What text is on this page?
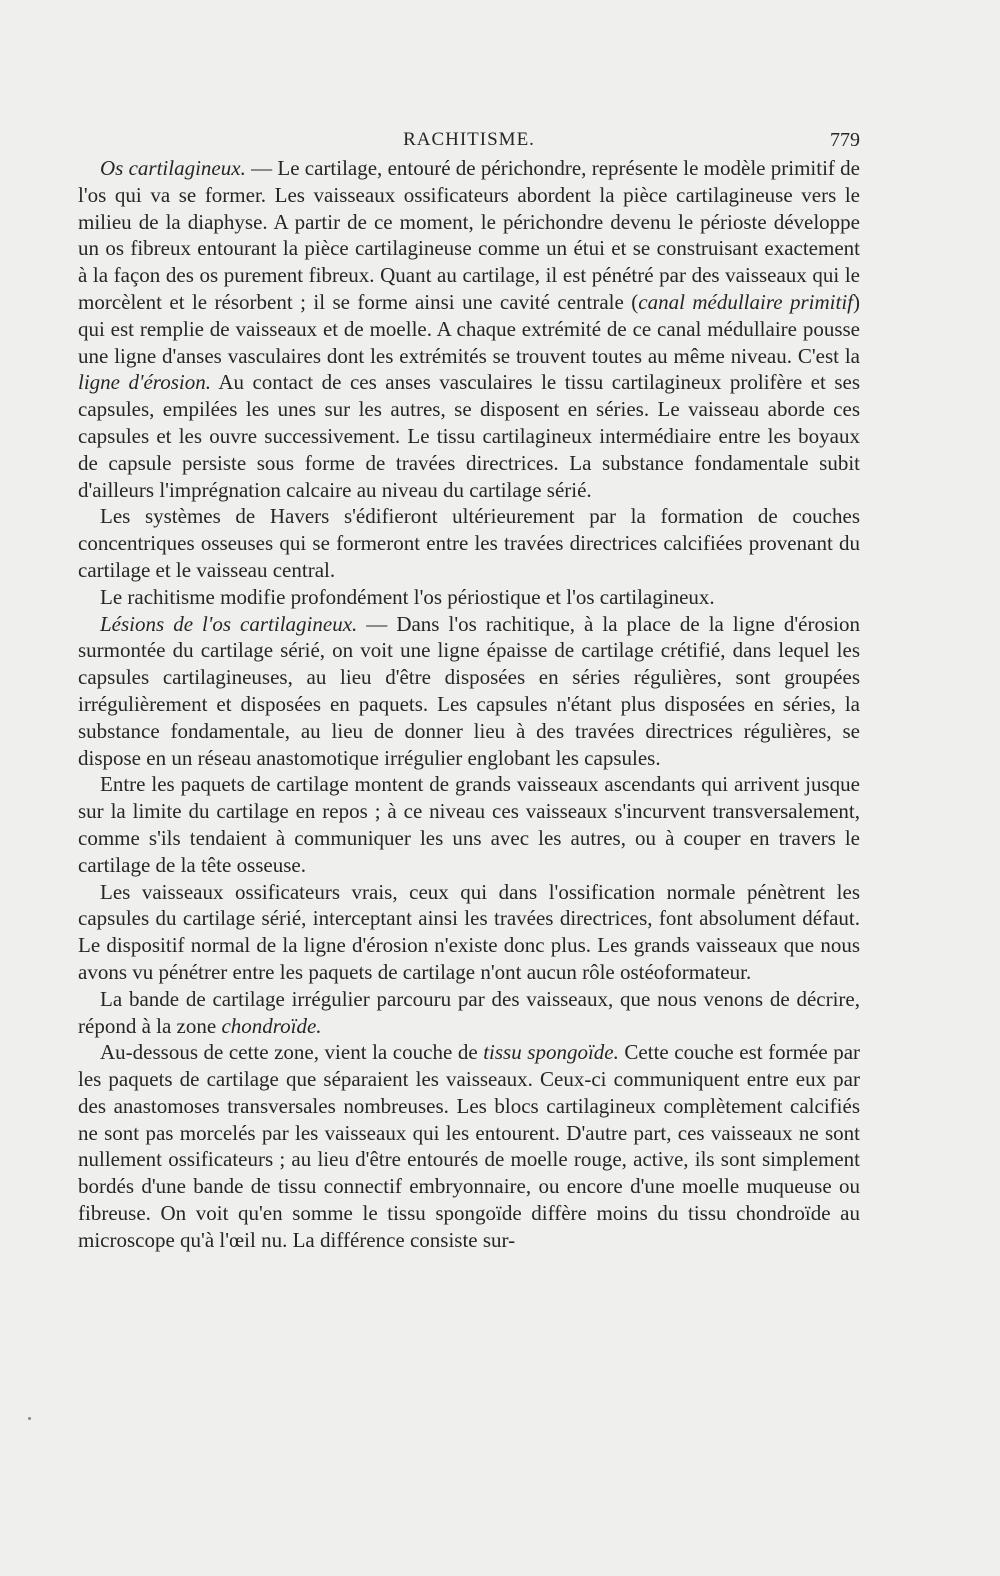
RACHITISME.	779

Os cartilagineux. — Le cartilage, entouré de périchondre, représente le modèle primitif de l'os qui va se former. Les vaisseaux ossificateurs abordent la pièce cartilagineuse vers le milieu de la diaphyse. A partir de ce moment, le périchondre devenu le périoste développe un os fibreux entourant la pièce cartilagineuse comme un étui et se construisant exactement à la façon des os purement fibreux. Quant au cartilage, il est pénétré par des vaisseaux qui le morcèlent et le résorbent ; il se forme ainsi une cavité centrale (canal médullaire primitif) qui est remplie de vaisseaux et de moelle. A chaque extrémité de ce canal médullaire pousse une ligne d'anses vasculaires dont les extrémités se trouvent toutes au même niveau. C'est la ligne d'érosion. Au contact de ces anses vasculaires le tissu cartilagineux prolifère et ses capsules, empilées les unes sur les autres, se disposent en séries. Le vaisseau aborde ces capsules et les ouvre successivement. Le tissu cartilagineux intermédiaire entre les boyaux de capsule persiste sous forme de travées directrices. La substance fondamentale subit d'ailleurs l'imprégnation calcaire au niveau du cartilage sérié.

Les systèmes de Havers s'édifieront ultérieurement par la formation de couches concentriques osseuses qui se formeront entre les travées directrices calcifiées provenant du cartilage et le vaisseau central.

Le rachitisme modifie profondément l'os périostique et l'os cartilagineux.

Lésions de l'os cartilagineux. — Dans l'os rachitique, à la place de la ligne d'érosion surmontée du cartilage sérié, on voit une ligne épaisse de cartilage crétifié, dans lequel les capsules cartilagineuses, au lieu d'être disposées en séries régulières, sont groupées irrégulièrement et disposées en paquets. Les capsules n'étant plus disposées en séries, la substance fondamentale, au lieu de donner lieu à des travées directrices régulières, se dispose en un réseau anastomotique irrégulier englobant les capsules.

Entre les paquets de cartilage montent de grands vaisseaux ascendants qui arrivent jusque sur la limite du cartilage en repos ; à ce niveau ces vaisseaux s'incurvent transversalement, comme s'ils tendaient à communiquer les uns avec les autres, ou à couper en travers le cartilage de la tête osseuse.

Les vaisseaux ossificateurs vrais, ceux qui dans l'ossification normale pénètrent les capsules du cartilage sérié, interceptant ainsi les travées directrices, font absolument défaut. Le dispositif normal de la ligne d'érosion n'existe donc plus. Les grands vaisseaux que nous avons vu pénétrer entre les paquets de cartilage n'ont aucun rôle ostéoformateur.

La bande de cartilage irrégulier parcouru par des vaisseaux, que nous venons de décrire, répond à la zone chondroïde.

Au-dessous de cette zone, vient la couche de tissu spongoïde. Cette couche est formée par les paquets de cartilage que séparaient les vaisseaux. Ceux-ci communiquent entre eux par des anastomoses transversales nombreuses. Les blocs cartilagineux complètement calcifiés ne sont pas morcelés par les vaisseaux qui les entourent. D'autre part, ces vaisseaux ne sont nullement ossificateurs ; au lieu d'être entourés de moelle rouge, active, ils sont simplement bordés d'une bande de tissu connectif embryonnaire, ou encore d'une moelle muqueuse ou fibreuse. On voit qu'en somme le tissu spongoïde diffère moins du tissu chondroïde au microscope qu'à l'œil nu. La différence consiste sur-
